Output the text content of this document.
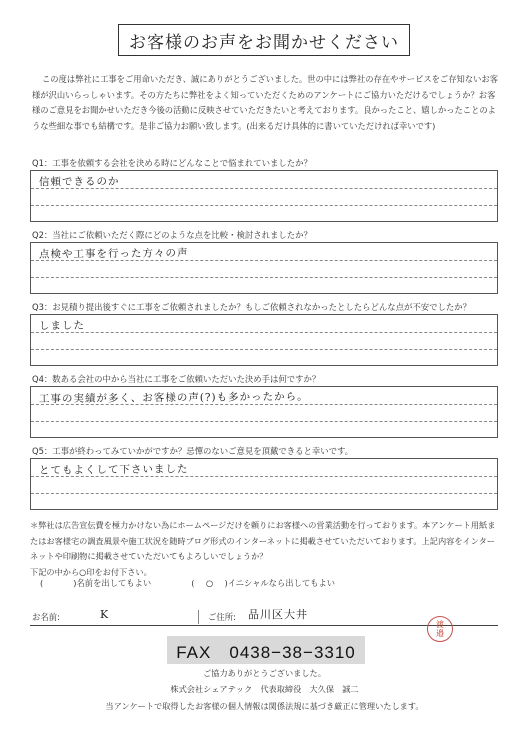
お客様のお声をお聞かせください

この度は弊社に工事をご用命いただき、誠にありがとうございました。世の中には弊社の存在やサービスをご存知ないお客様が沢山いらっしゃいます。その方たちに弊社をよく知っていただくためのアンケートにご協力いただけるでしょうか？お客様のご意見をお聞かせいただき今後の活動に反映させていただきたいと考えております。良かったこと、嬉しかったことのような些細な事でも結構です。是非ご協力お願い致します。(出来るだけ具体的に書いていただければ幸いです)

Q1：工事を依頼する会社を決める時にどんなことで悩まれていましたか？
信頼できるのか
Q2：当社にご依頼いただく際にどのような点を比較・検討されましたか？
点検や工事を行った方々の声
Q3：お見積り提出後すぐに工事をご依頼されましたか？もしご依頼されなかったとしたらどんな点が不安でしたか？
しました
Q4：数ある会社の中から当社に工事をご依頼いただいた決め手は何ですか？
工事の実績が多く、お客様の声(?)も多かったから。
Q5：工事が終わってみていかがですか？忌憚のないご意見を頂戴できると幸いです。
とてもよくして下さいました

＊弊社は広告宣伝費を極力かけない為にホームページだけを頼りにお客様への営業活動を行っております。本アンケート用紙またはお客様宅の調査風景や施工状況を随時ブログ形式のインターネットに掲載させていただいております。上記内容をインターネットや印刷物に掲載させていただいてもよろしいでしょうか？
下記の中から○印をお付下さい。

(	) 名前を出してもよい	( ○ ) イニシャルなら出してもよい
お名前:	K	ご住所: 品川区大井
渡
邉
FAX　0438−38−3310
ご協力ありがとうございました。
株式会社シェアテック　代表取締役　大久保　誠二
当アンケートで取得したお客様の個人情報は関係法規に基づき厳正に管理いたします。
